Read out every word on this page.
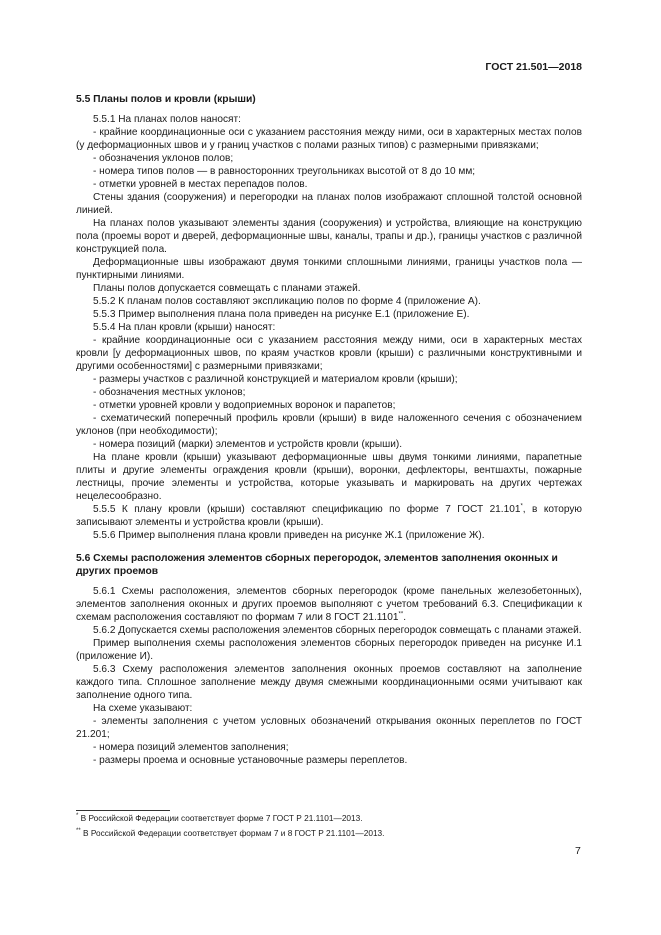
ГОСТ 21.501—2018
5.5 Планы полов и кровли (крыши)

5.5.1 На планах полов наносят:

- крайние координационные оси с указанием расстояния между ними, оси в характерных местах полов (у деформационных швов и у границ участков с полами разных типов) с размерными привязками;

- обозначения уклонов полов;

- номера типов полов — в равносторонних треугольниках высотой от 8 до 10 мм;

- отметки уровней в местах перепадов полов.

Стены здания (сооружения) и перегородки на планах полов изображают сплошной толстой основной линией.

На планах полов указывают элементы здания (сооружения) и устройства, влияющие на конструкцию пола (проемы ворот и дверей, деформационные швы, каналы, трапы и др.), границы участков с различной конструкцией пола.

Деформационные швы изображают двумя тонкими сплошными линиями, границы участков пола — пунктирными линиями.

Планы полов допускается совмещать с планами этажей.

5.5.2 К планам полов составляют экспликацию полов по форме 4 (приложение А).

5.5.3 Пример выполнения плана пола приведен на рисунке Е.1 (приложение Е).

5.5.4 На план кровли (крыши) наносят:

- крайние координационные оси с указанием расстояния между ними, оси в характерных местах кровли [у деформационных швов, по краям участков кровли (крыши) с различными конструктивными и другими особенностями] с размерными привязками;

- размеры участков с различной конструкцией и материалом кровли (крыши);

- обозначения местных уклонов;

- отметки уровней кровли у водоприемных воронок и парапетов;

- схематический поперечный профиль кровли (крыши) в виде наложенного сечения с обозначением уклонов (при необходимости);

- номера позиций (марки) элементов и устройств кровли (крыши).

На плане кровли (крыши) указывают деформационные швы двумя тонкими линиями, парапетные плиты и другие элементы ограждения кровли (крыши), воронки, дефлекторы, вентшахты, пожарные лестницы, прочие элементы и устройства, которые указывать и маркировать на других чертежах нецелесообразно.

5.5.5 К плану кровли (крыши) составляют спецификацию по форме 7 ГОСТ 21.101*, в которую записывают элементы и устройства кровли (крыши).

5.5.6 Пример выполнения плана кровли приведен на рисунке Ж.1 (приложение Ж).

5.6 Схемы расположения элементов сборных перегородок, элементов заполнения оконных и других проемов

5.6.1 Схемы расположения, элементов сборных перегородок (кроме панельных железобетонных), элементов заполнения оконных и других проемов выполняют с учетом требований 6.3. Спецификации к схемам расположения составляют по формам 7 или 8 ГОСТ 21.1101**.

5.6.2 Допускается схемы расположения элементов сборных перегородок совмещать с планами этажей.

Пример выполнения схемы расположения элементов сборных перегородок приведен на рисунке И.1 (приложение И).

5.6.3 Схему расположения элементов заполнения оконных проемов составляют на заполнение каждого типа. Сплошное заполнение между двумя смежными координационными осями учитывают как заполнение одного типа.

На схеме указывают:

- элементы заполнения с учетом условных обозначений открывания оконных переплетов по ГОСТ 21.201;

- номера позиций элементов заполнения;

- размеры проема и основные установочные размеры переплетов.

* В Российской Федерации соответствует форме 7 ГОСТ Р 21.1101—2013.
** В Российской Федерации соответствует формам 7 и 8 ГОСТ Р 21.1101—2013.
7
